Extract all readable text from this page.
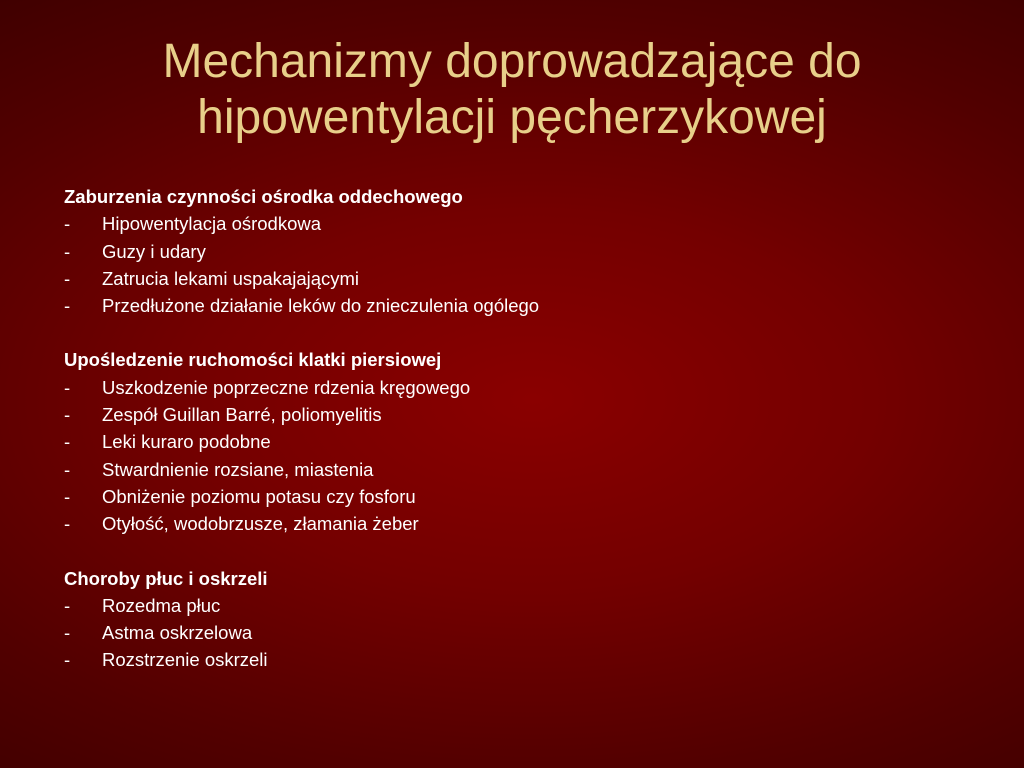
Mechanizmy doprowadzające do
hipowentylacji pęcherzykowej
Zaburzenia czynności ośrodka oddechowego
- Hipowentylacja ośrodkowa
- Guzy i udary
- Zatrucia lekami uspakajającymi
- Przedłużone działanie leków do znieczulenia ogólego
Upośledzenie ruchomości klatki piersiowej
- Uszkodzenie poprzeczne rdzenia kręgowego
- Zespół Guillan Barré, poliomyelitis
- Leki kuraro podobne
- Stwardnienie rozsiane, miastenia
- Obniżenie poziomu potasu czy fosforu
- Otyłość, wodobrzusze, złamania żeber
Choroby płuc i oskrzeli
- Rozedma płuc
- Astma oskrzelowa
- Rozstrzenie oskrzeli
